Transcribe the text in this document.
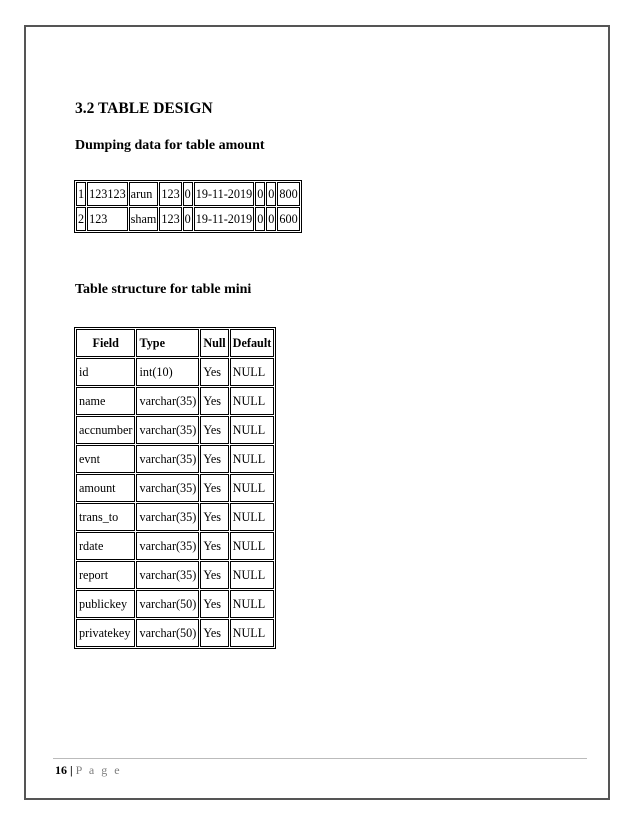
3.2 TABLE DESIGN
Dumping data for table amount
1	123123	arun	123	0	19-11-2019	0	0	800
2	123	sham	123	0	19-11-2019	0	0	600
Table structure for table mini
Field	Type	Null	Default
id	int(10)	Yes	NULL
name	varchar(35)	Yes	NULL
accnumber	varchar(35)	Yes	NULL
evnt	varchar(35)	Yes	NULL
amount	varchar(35)	Yes	NULL
trans_to	varchar(35)	Yes	NULL
rdate	varchar(35)	Yes	NULL
report	varchar(35)	Yes	NULL
publickey	varchar(50)	Yes	NULL
privatekey	varchar(50)	Yes	NULL
16 | P a g e
